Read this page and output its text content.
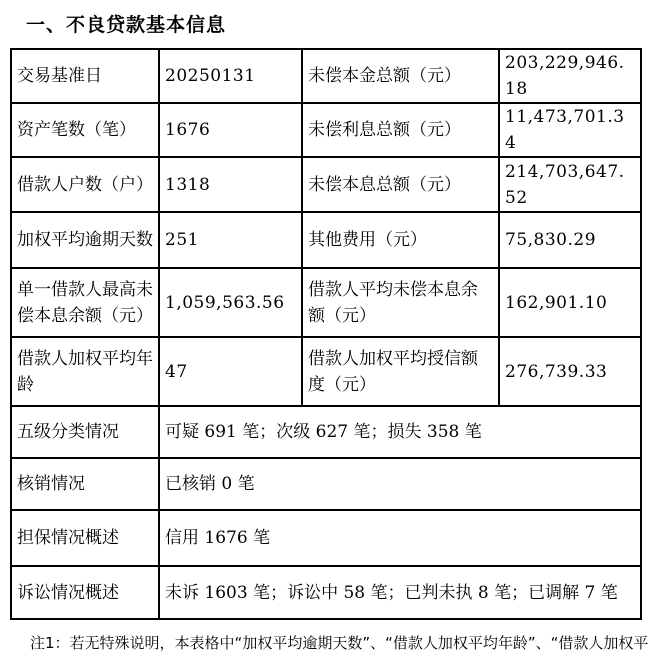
一、不良贷款基本信息
交易基准日	20250131	未偿本金总额（元）	203,229,946.18
资产笔数（笔）	1676	未偿利息总额（元）	11,473,701.34
借款人户数（户）	1318	未偿本息总额（元）	214,703,647.52
加权平均逾期天数	251	其他费用（元）	75,830.29
单一借款人最高未偿本息余额（元）	1,059,563.56	借款人平均未偿本息余额（元）	162,901.10
借款人加权平均年龄	47	借款人加权平均授信额度（元）	276,739.33
五级分类情况	可疑 691 笔；次级 627 笔；损失 358 笔		
核销情况	已核销 0 笔		
担保情况概述	信用 1676 笔		
诉讼情况概述	未诉 1603 笔；诉讼中 58 笔；已判未执 8 笔；已调解 7 笔		
注1：若无特殊说明，本表格中“加权平均逾期天数”、“借款人加权平均年龄”、“借款人加权平
